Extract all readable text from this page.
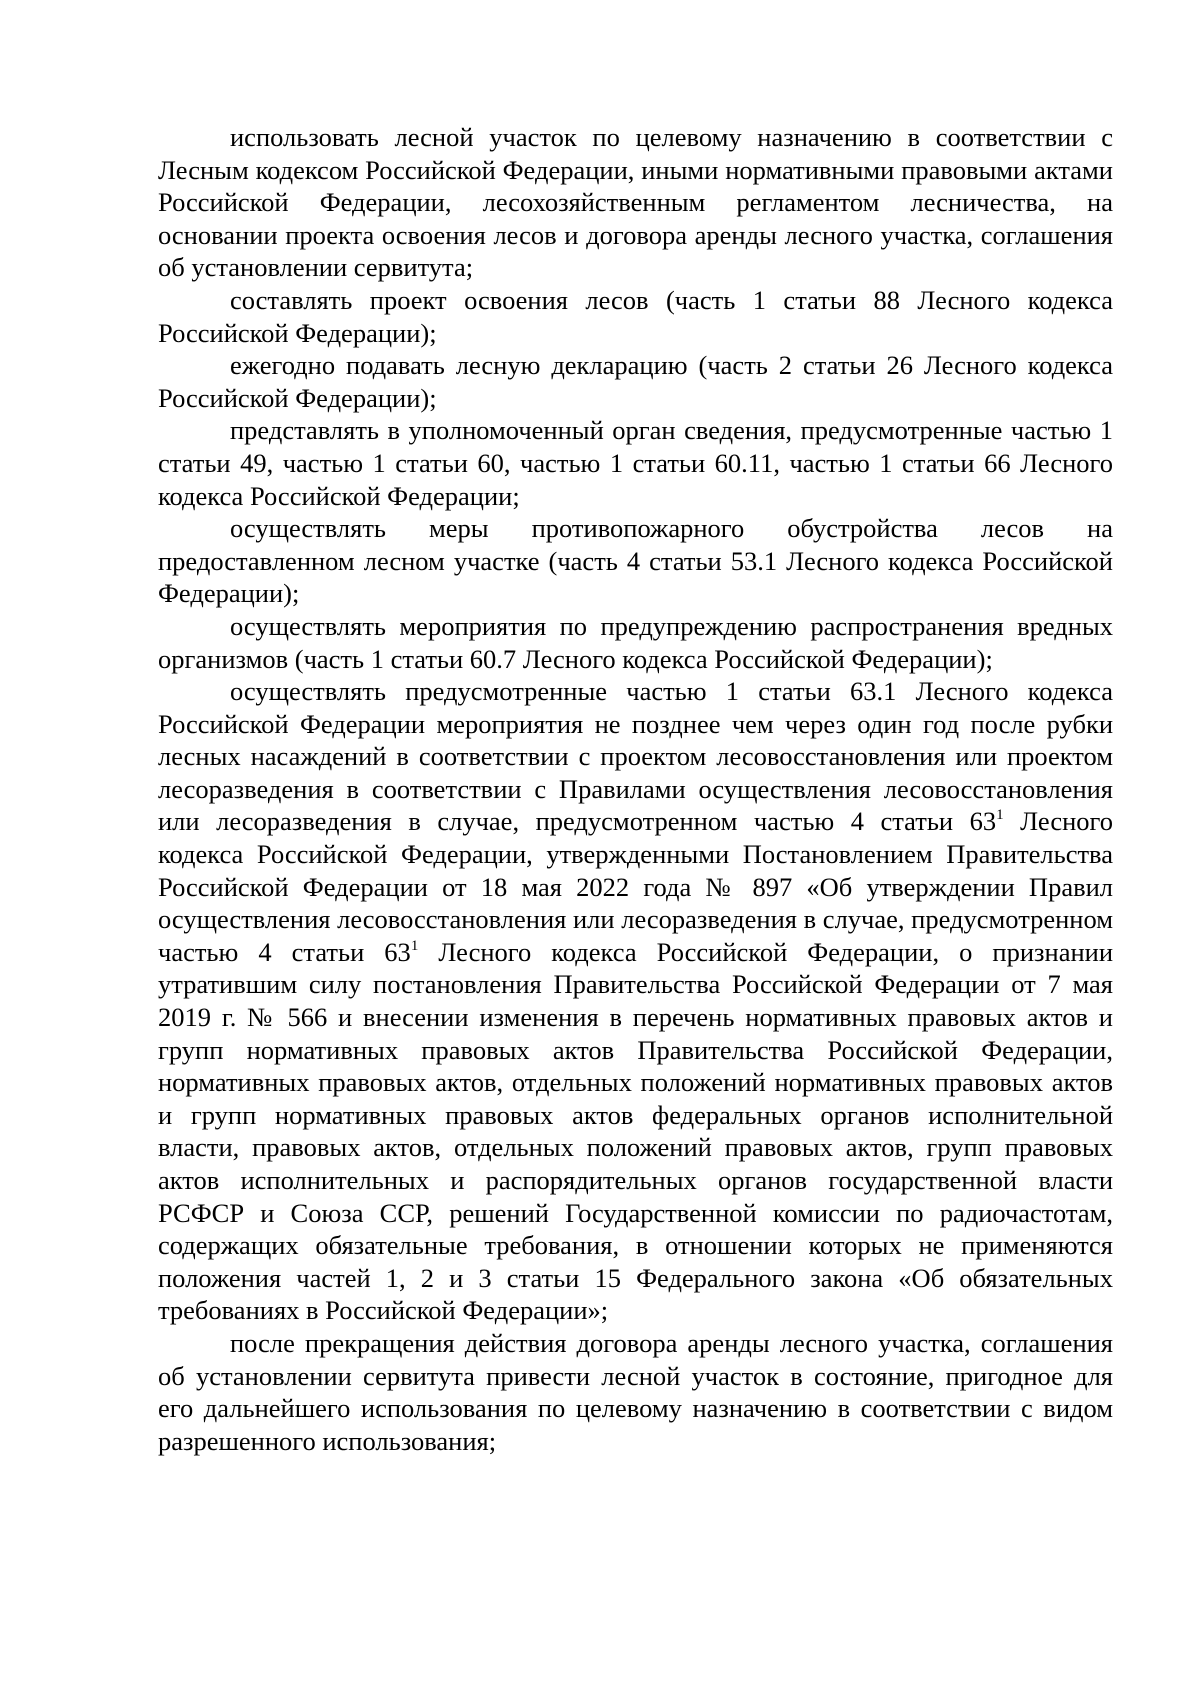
использовать лесной участок по целевому назначению в соответствии с Лесным кодексом Российской Федерации, иными нормативными правовыми актами Российской Федерации, лесохозяйственным регламентом лесничества, на основании проекта освоения лесов и договора аренды лесного участка, соглашения об установлении сервитута;

составлять проект освоения лесов (часть 1 статьи 88 Лесного кодекса Российской Федерации);

ежегодно подавать лесную декларацию (часть 2 статьи 26 Лесного кодекса Российской Федерации);

представлять в уполномоченный орган сведения, предусмотренные частью 1 статьи 49, частью 1 статьи 60, частью 1 статьи 60.11, частью 1 статьи 66 Лесного кодекса Российской Федерации;

осуществлять меры противопожарного обустройства лесов на предоставленном лесном участке (часть 4 статьи 53.1 Лесного кодекса Российской Федерации);

осуществлять мероприятия по предупреждению распространения вредных организмов (часть 1 статьи 60.7 Лесного кодекса Российской Федерации);

осуществлять предусмотренные частью 1 статьи 63.1 Лесного кодекса Российской Федерации мероприятия не позднее чем через один год после рубки лесных насаждений в соответствии с проектом лесовосстановления или проектом лесоразведения в соответствии с Правилами осуществления лесовосстановления или лесоразведения в случае, предусмотренном частью 4 статьи $63^1$ Лесного кодекса Российской Федерации, утвержденными Постановлением Правительства Российской Федерации от 18 мая 2022 года № 897 «Об утверждении Правил осуществления лесовосстановления или лесоразведения в случае, предусмотренном частью 4 статьи $63^1$ Лесного кодекса Российской Федерации, о признании утратившим силу постановления Правительства Российской Федерации от 7 мая 2019 г. № 566 и внесении изменения в перечень нормативных правовых актов и групп нормативных правовых актов Правительства Российской Федерации, нормативных правовых актов, отдельных положений нормативных правовых актов и групп нормативных правовых актов федеральных органов исполнительной власти, правовых актов, отдельных положений правовых актов, групп правовых актов исполнительных и распорядительных органов государственной власти РСФСР и Союза ССР, решений Государственной комиссии по радиочастотам, содержащих обязательные требования, в отношении которых не применяются положения частей 1, 2 и 3 статьи 15 Федерального закона «Об обязательных требованиях в Российской Федерации»;

после прекращения действия договора аренды лесного участка, соглашения об установлении сервитута привести лесной участок в состояние, пригодное для его дальнейшего использования по целевому назначению в соответствии с видом разрешенного использования;
